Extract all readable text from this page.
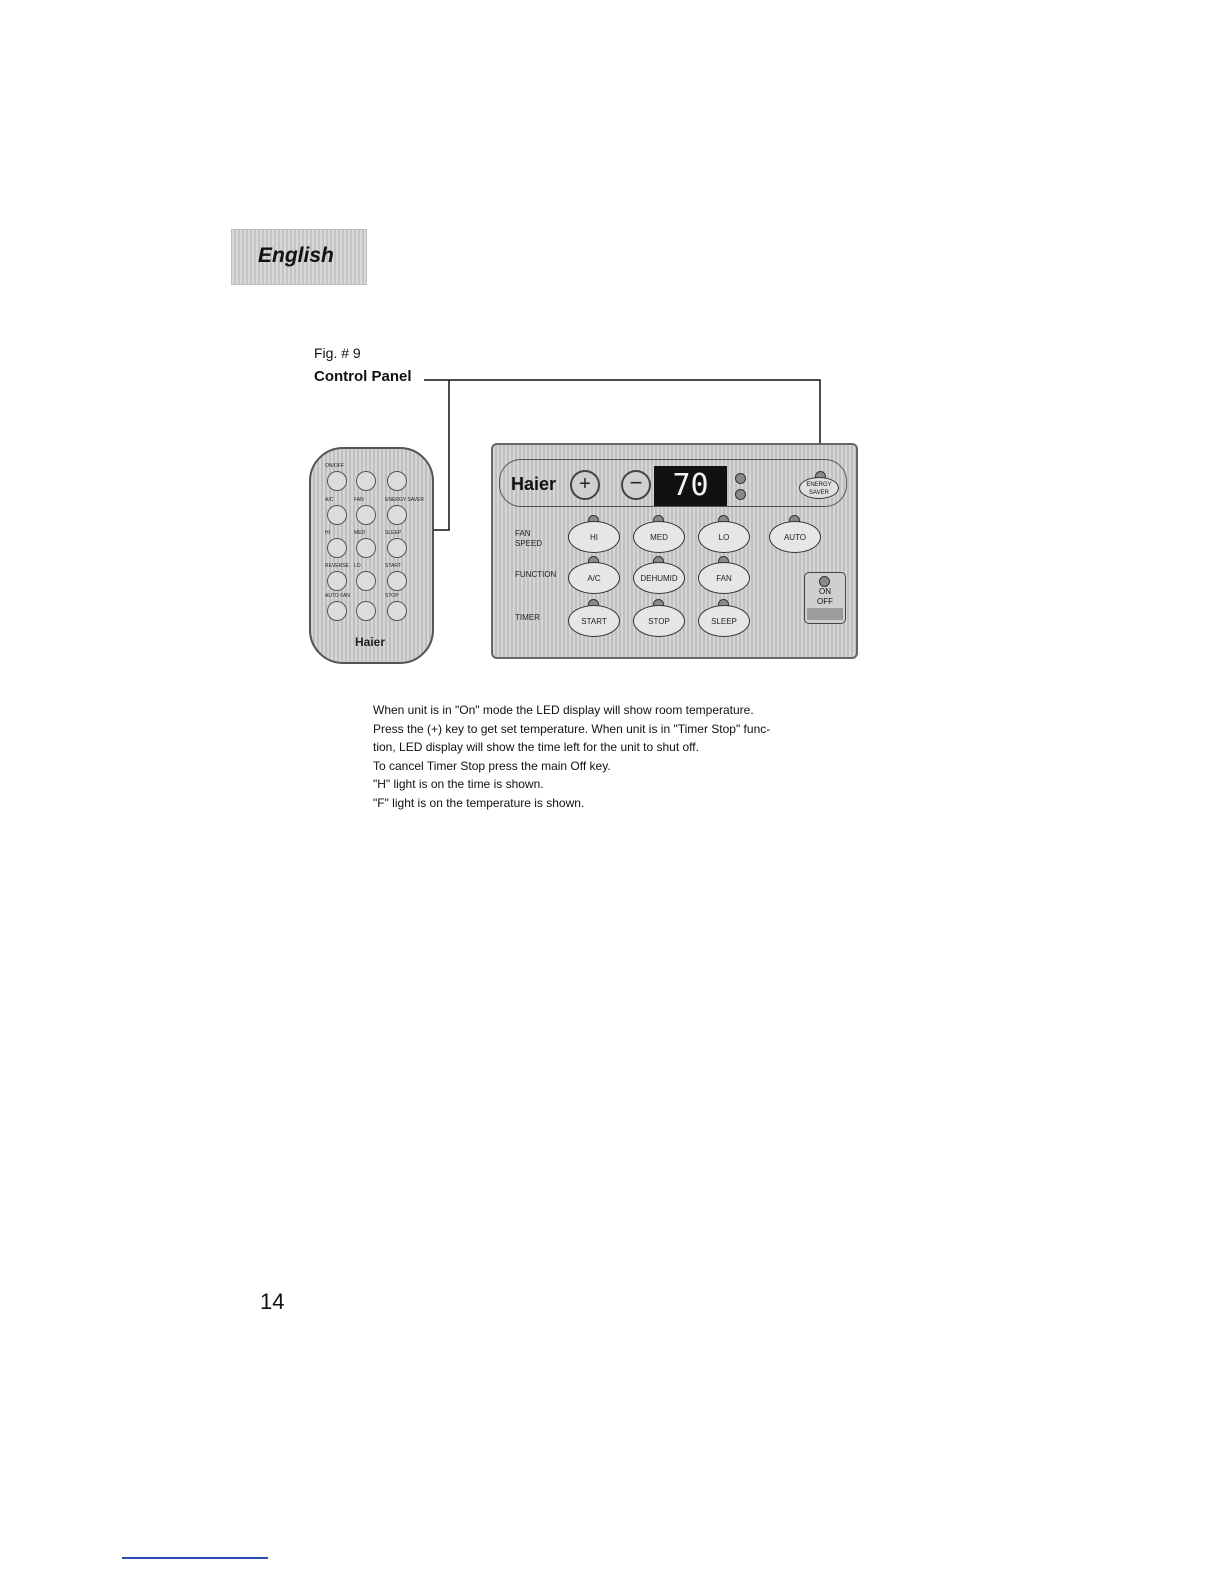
English
Fig. # 9
Control Panel
ON/OFF
A/C	FAN	ENERGY SAVER
HI	MED	SLEEP
REVERSE LO	START
AUTO FAN	STOP
Haier
Haier	+	−	70	ENERGY SAVER
FAN SPEED
HI	MED	LO	AUTO
FUNCTION	A/C	DEHUMID	FAN
TIMER	START	STOP	SLEEP
ON
OFF
When unit is in "On" mode the LED display will show room temperature.
Press the (+) key to get set temperature. When unit is in "Timer Stop" func-
tion, LED display will show the time left for the unit to shut off.
To cancel Timer Stop press the main Off key.
"H" light is on the time is shown.
"F" light is on the temperature is shown.
14
